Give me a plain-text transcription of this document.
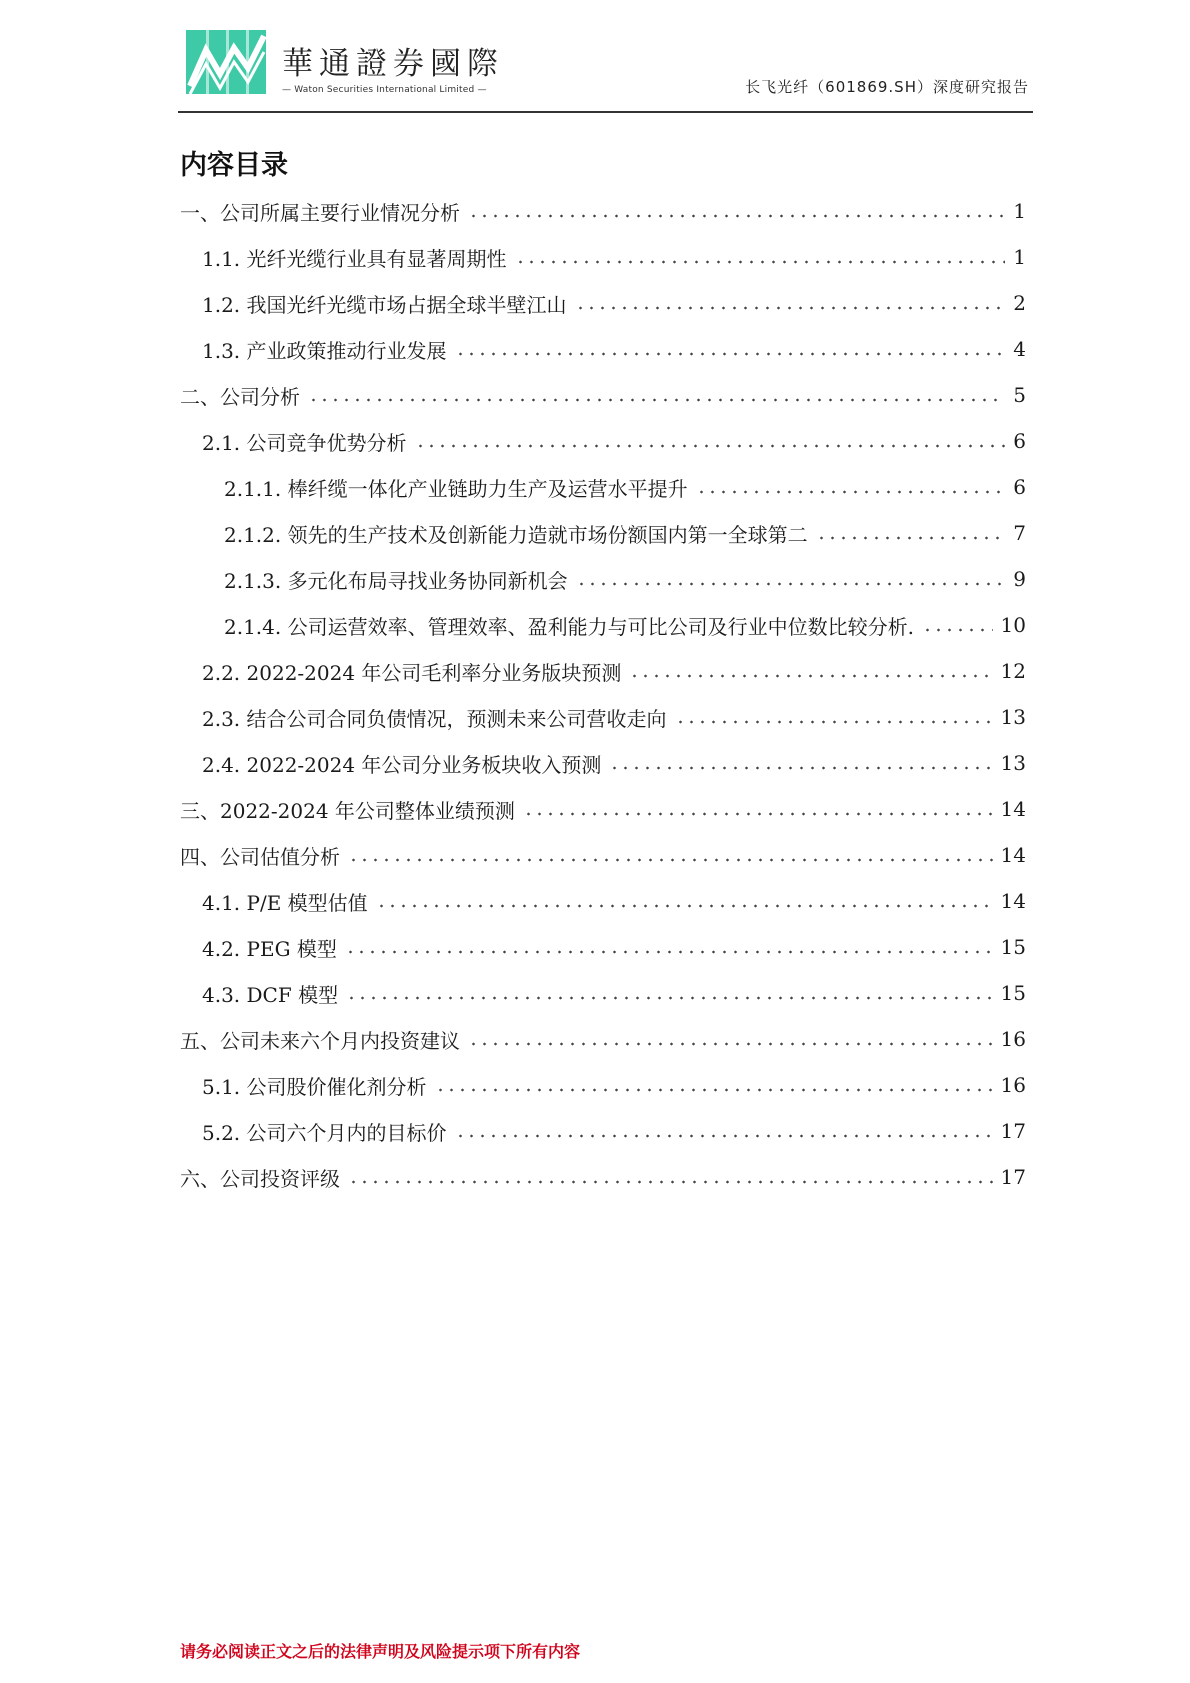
華通證券國際
— Waton Securities International Limited —	长飞光纤（601869.SH）深度研究报告
内容目录
一、公司所属主要行业情况分析	1
1.1. 光纤光缆行业具有显著周期性	1
1.2. 我国光纤光缆市场占据全球半壁江山	2
1.3. 产业政策推动行业发展	4
二、公司分析	5
2.1. 公司竞争优势分析	6
2.1.1. 棒纤缆一体化产业链助力生产及运营水平提升	6
2.1.2. 领先的生产技术及创新能力造就市场份额国内第一全球第二	7
2.1.3. 多元化布局寻找业务协同新机会	9
2.1.4. 公司运营效率、管理效率、盈利能力与可比公司及行业中位数比较分析.	10
2.2. 2022-2024 年公司毛利率分业务版块预测	12
2.3. 结合公司合同负债情况，预测未来公司营收走向	13
2.4. 2022-2024 年公司分业务板块收入预测	13
三、2022-2024 年公司整体业绩预测	14
四、公司估值分析	14
4.1. P/E 模型估值	14
4.2. PEG 模型	15
4.3. DCF 模型	15
五、公司未来六个月内投资建议	16
5.1. 公司股价催化剂分析	16
5.2. 公司六个月内的目标价	17
六、公司投资评级	17
请务必阅读正文之后的法律声明及风险提示项下所有内容
